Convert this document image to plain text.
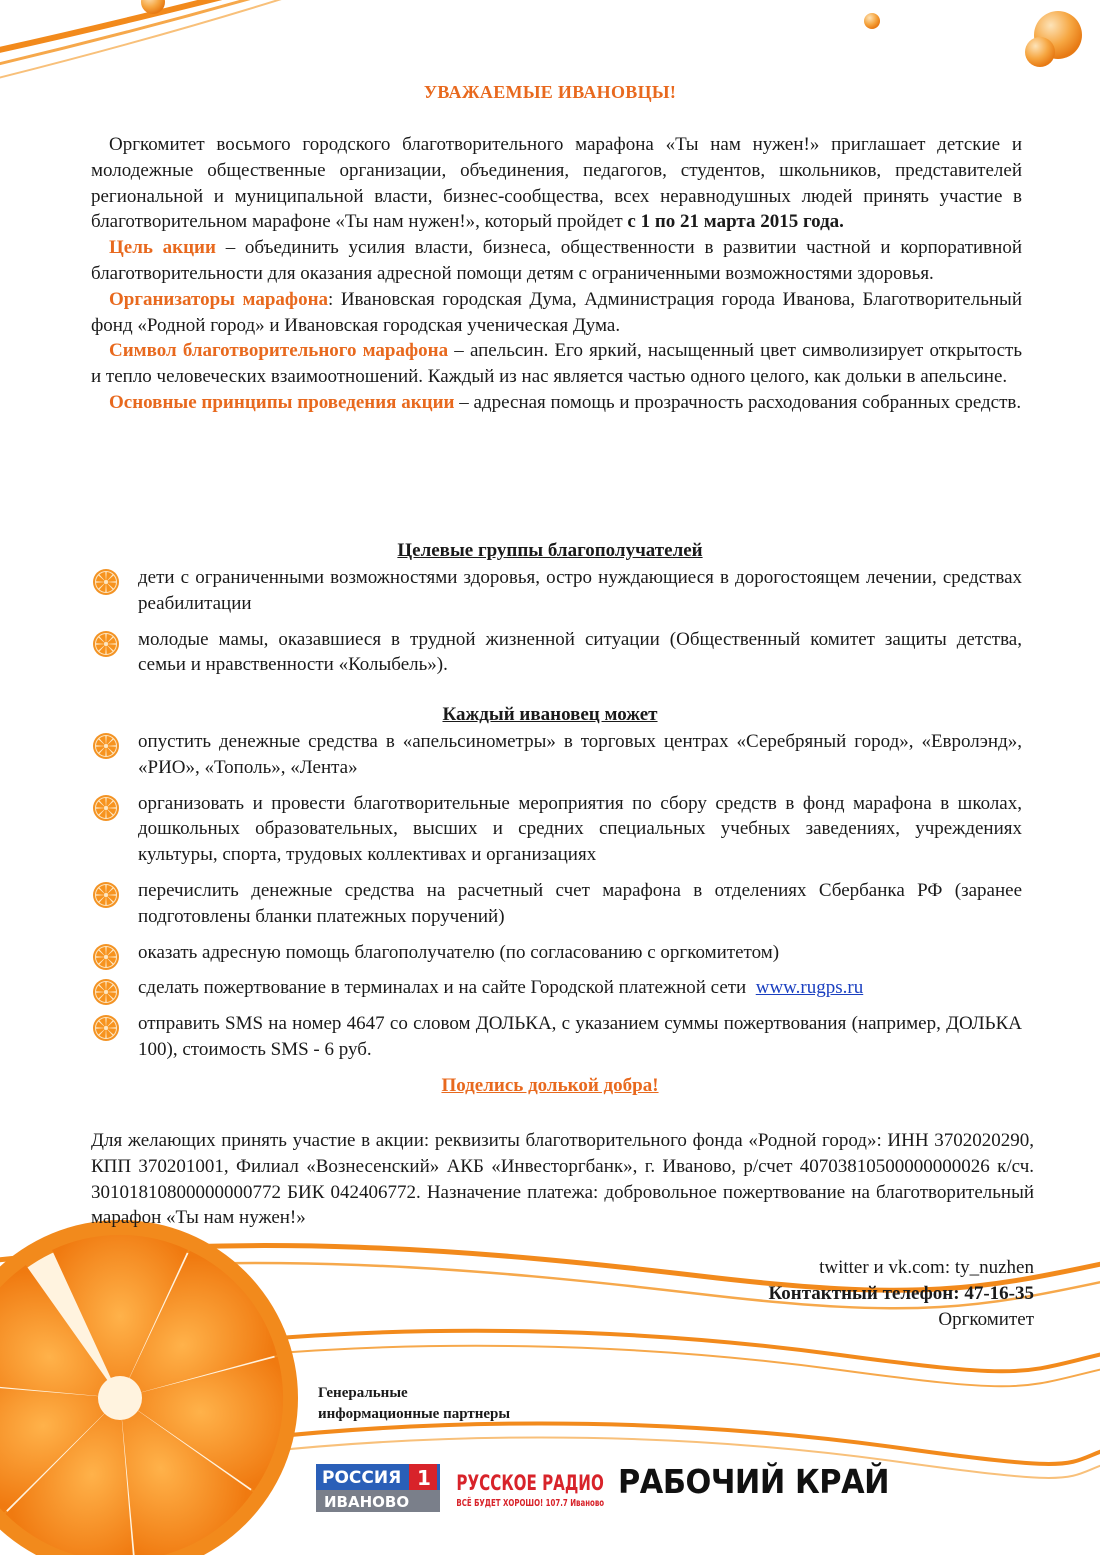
УВАЖАЕМЫЕ ИВАНОВЦЫ!

Оргкомитет восьмого городского благотворительного марафона «Ты нам нужен!» приглашает детские и молодежные общественные организации, объединения, педагогов, студентов, школьников, представителей региональной и муниципальной власти, бизнес-сообщества, всех неравнодушных людей принять участие в благотворительном марафоне «Ты нам нужен!», который пройдет с 1 по 21 марта 2015 года.

Цель акции – объединить усилия власти, бизнеса, общественности в развитии частной и корпоративной благотворительности для оказания адресной помощи детям с ограниченными возможностями здоровья.

Организаторы марафона: Ивановская городская Дума, Администрация города Иванова, Благотворительный фонд «Родной город» и Ивановская городская ученическая Дума.

Символ благотворительного марафона – апельсин. Его яркий, насыщенный цвет символизирует открытость и тепло человеческих взаимоотношений. Каждый из нас является частью одного целого, как дольки в апельсине.

Основные принципы проведения акции – адресная помощь и прозрачность расходования собранных средств.

Целевые группы благополучателей
дети с ограниченными возможностями здоровья, остро нуждающиеся в дорогостоящем лечении, средствах реабилитации
молодые мамы, оказавшиеся в трудной жизненной ситуации (Общественный комитет защиты детства, семьи и нравственности «Колыбель»).
Каждый ивановец может
опустить денежные средства в «апельсинометры» в торговых центрах «Серебряный город», «Евролэнд», «РИО», «Тополь», «Лента»
организовать и провести благотворительные мероприятия по сбору средств в фонд марафона в школах, дошкольных образовательных, высших и средних специальных учебных заведениях, учреждениях культуры, спорта, трудовых коллективах и организациях
перечислить денежные средства на расчетный счет марафона в отделениях Сбербанка РФ (заранее подготовлены бланки платежных поручений)
оказать адресную помощь благополучателю (по согласованию с оргкомитетом)
сделать пожертвование в терминалах и на сайте Городской платежной сети www.rugps.ru
отправить SMS на номер 4647 со словом ДОЛЬКА, с указанием суммы пожертвования (например, ДОЛЬКА 100), стоимость SMS - 6 руб.
Поделись долькой добра!

Для желающих принять участие в акции: реквизиты благотворительного фонда «Родной город»: ИНН 3702020290, КПП 370201001, Филиал «Вознесенский» АКБ «Инвесторгбанк», г. Иваново, р/счет 40703810500000000026 к/сч. 30101810800000000772 БИК 042406772. Назначение платежа: добровольное пожертвование на благотворительный марафон «Ты нам нужен!»

twitter и vk.com: ty_nuzhen
Контактный телефон: 47-16-35
Оргкомитет
Генеральные
информационные партнеры
РОССИЯ 1
ИВАНОВО
РУССКОЕ РАДИО
ВСЁ БУДЕТ ХОРОШО! 107.7 Иваново
РАБОЧИЙ КРАЙ
